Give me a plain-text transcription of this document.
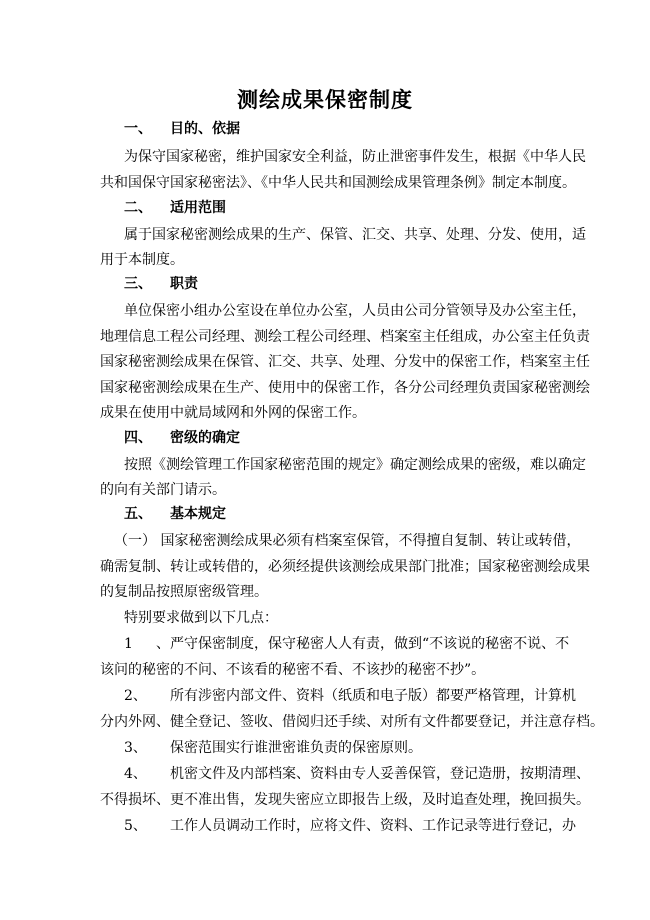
测绘成果保密制度
一、 目的、依据
为保守国家秘密，维护国家安全利益，防止泄密事件发生，根据《中华人民
共和国保守国家秘密法》、《中华人民共和国测绘成果管理条例》制定本制度。
二、 适用范围
属于国家秘密测绘成果的生产、保管、汇交、共享、处理、分发、使用，适
用于本制度。
三、 职责
单位保密小组办公室设在单位办公室，人员由公司分管领导及办公室主任，
地理信息工程公司经理、测绘工程公司经理、档案室主任组成，办公室主任负责
国家秘密测绘成果在保管、汇交、共享、处理、分发中的保密工作，档案室主任
国家秘密测绘成果在生产、使用中的保密工作，各分公司经理负责国家秘密测绘
成果在使用中就局域网和外网的保密工作。
四、 密级的确定
按照《测绘管理工作国家秘密范围的规定》确定测绘成果的密级，难以确定
的向有关部门请示。
五、 基本规定
（一） 国家秘密测绘成果必须有档案室保管，不得擅自复制、转让或转借，
确需复制、转让或转借的，必须经提供该测绘成果部门批准；国家秘密测绘成果
的复制品按照原密级管理。
特别要求做到以下几点：
1、严守保密制度，保守秘密人人有责，做到“不该说的秘密不说、不
该问的秘密的不问、不该看的秘密不看、不该抄的秘密不抄”。
2、 所有涉密内部文件、资料（纸质和电子版）都要严格管理，计算机
分内外网、健全登记、签收、借阅归还手续、对所有文件都要登记，并注意存档。
3、 保密范围实行谁泄密谁负责的保密原则。
4、 机密文件及内部档案、资料由专人妥善保管，登记造册，按期清理、
不得损坏、更不准出售，发现失密应立即报告上级，及时追查处理，挽回损失。
5、 工作人员调动工作时，应将文件、资料、工作记录等进行登记，办
